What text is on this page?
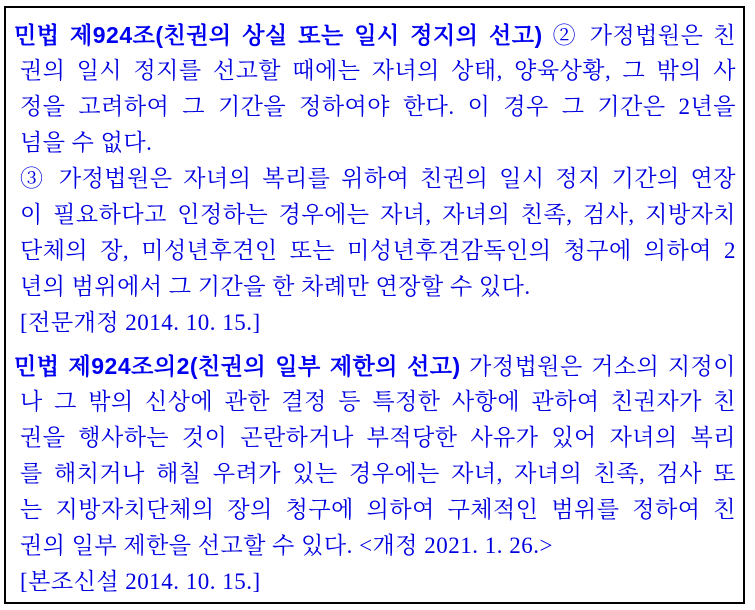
민법 제924조(친권의 상실 또는 일시 정지의 선고) ② 가정법원은 친
권의 일시 정지를 선고할 때에는 자녀의 상태, 양육상황, 그 밖의 사
정을 고려하여 그 기간을 정하여야 한다. 이 경우 그 기간은 2년을
넘을 수 없다.
③ 가정법원은 자녀의 복리를 위하여 친권의 일시 정지 기간의 연장
이 필요하다고 인정하는 경우에는 자녀, 자녀의 친족, 검사, 지방자치
단체의 장, 미성년후견인 또는 미성년후견감독인의 청구에 의하여 2
년의 범위에서 그 기간을 한 차례만 연장할 수 있다.
[전문개정 2014. 10. 15.]
민법 제924조의2(친권의 일부 제한의 선고) 가정법원은 거소의 지정이
나 그 밖의 신상에 관한 결정 등 특정한 사항에 관하여 친권자가 친
권을 행사하는 것이 곤란하거나 부적당한 사유가 있어 자녀의 복리
를 해치거나 해칠 우려가 있는 경우에는 자녀, 자녀의 친족, 검사 또
는 지방자치단체의 장의 청구에 의하여 구체적인 범위를 정하여 친
권의 일부 제한을 선고할 수 있다. <개정 2021. 1. 26.>
[본조신설 2014. 10. 15.]
